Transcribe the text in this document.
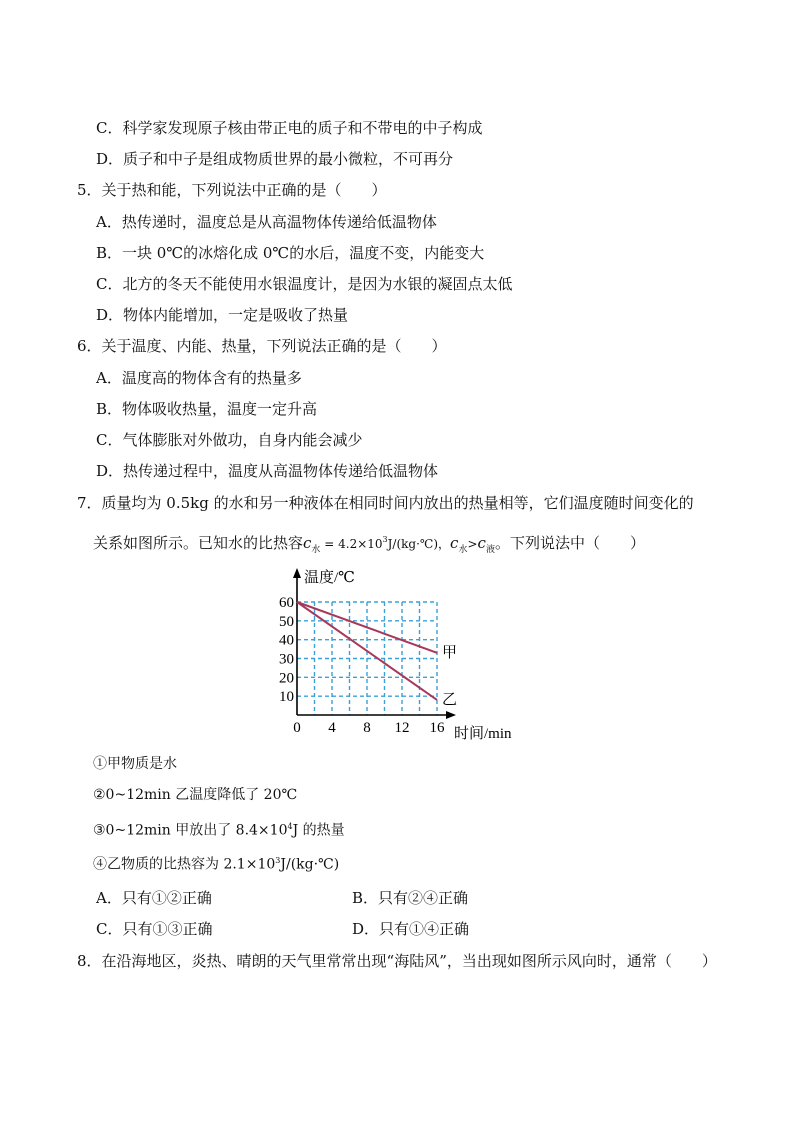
C．科学家发现原子核由带正电的质子和不带电的中子构成
D．质子和中子是组成物质世界的最小微粒，不可再分
5．关于热和能，下列说法中正确的是（　　）
A．热传递时，温度总是从高温物体传递给低温物体
B．一块 0℃的冰熔化成 0℃的水后，温度不变，内能变大
C．北方的冬天不能使用水银温度计，是因为水银的凝固点太低
D．物体内能增加，一定是吸收了热量
6．关于温度、内能、热量，下列说法正确的是（　　）
A．温度高的物体含有的热量多
B．物体吸收热量，温度一定升高
C．气体膨胀对外做功，自身内能会减少
D．热传递过程中，温度从高温物体传递给低温物体
7．质量均为 0.5kg 的水和另一种液体在相同时间内放出的热量相等，它们温度随时间变化的
关系如图所示。已知水的比热容$c_水$ = $4.2\times 10^3J/(kg\cdot℃)$，$c_水>c_液$。下列说法中（　　）
0 4 8 12 16
10
20
30
40
50
60
甲
乙
温度/℃
时间/min
①甲物质是水
②0~12min 乙温度降低了 20℃
③0~12min 甲放出了 $8.4\times 10^4J$ 的热量
④乙物质的比热容为 $2.1\times 10^3J/(kg\cdot℃)$
A．只有①②正确	B．只有②④正确
C．只有①③正确	D．只有①④正确
8．在沿海地区，炎热、晴朗的天气里常常出现“海陆风”，当出现如图所示风向时，通常（　　）
